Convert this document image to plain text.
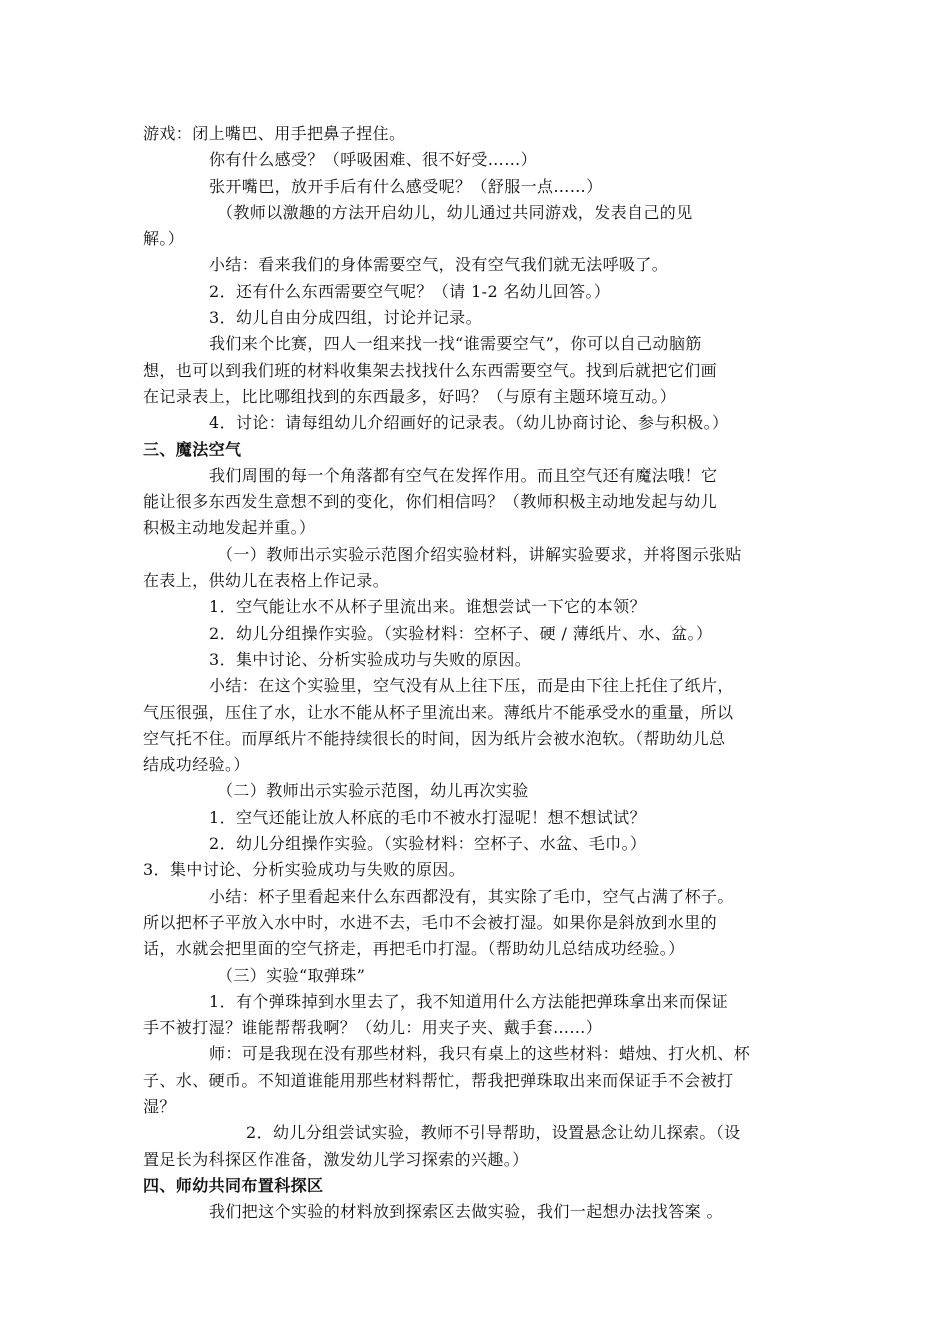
游戏：闭上嘴巴、用手把鼻子捏住。
你有什么感受？（呼吸困难、很不好受……）
张开嘴巴，放开手后有什么感受呢？（舒服一点……）
（教师以激趣的方法开启幼儿，幼儿通过共同游戏，发表自己的见
解。）
小结：看来我们的身体需要空气，没有空气我们就无法呼吸了。
2．还有什么东西需要空气呢？（请 1-2 名幼儿回答。）
3．幼儿自由分成四组，讨论并记录。
我们来个比赛，四人一组来找一找“谁需要空气”，你可以自己动脑筋
想，也可以到我们班的材料收集架去找找什么东西需要空气。找到后就把它们画
在记录表上，比比哪组找到的东西最多，好吗？（与原有主题环境互动。）
4．讨论：请每组幼儿介绍画好的记录表。（幼儿协商讨论、参与积极。）
三、魔法空气
我们周围的每一个角落都有空气在发挥作用。而且空气还有魔法哦！它
能让很多东西发生意想不到的变化，你们相信吗？（教师积极主动地发起与幼儿
积极主动地发起并重。）
（一）教师出示实验示范图介绍实验材料，讲解实验要求，并将图示张贴
在表上，供幼儿在表格上作记录。
1．空气能让水不从杯子里流出来。谁想尝试一下它的本领？
2．幼儿分组操作实验。（实验材料：空杯子、硬 / 薄纸片、水、盆。）
3．集中讨论、分析实验成功与失败的原因。
小结：在这个实验里，空气没有从上往下压，而是由下往上托住了纸片，
气压很强，压住了水，让水不能从杯子里流出来。薄纸片不能承受水的重量，所以
空气托不住。而厚纸片不能持续很长的时间，因为纸片会被水泡软。（帮助幼儿总
结成功经验。）
（二）教师出示实验示范图，幼儿再次实验
1．空气还能让放人杯底的毛巾不被水打湿呢！想不想试试？
2．幼儿分组操作实验。（实验材料：空杯子、水盆、毛巾。）
3．集中讨论、分析实验成功与失败的原因。
小结：杯子里看起来什么东西都没有，其实除了毛巾，空气占满了杯子。
所以把杯子平放入水中时，水进不去，毛巾不会被打湿。如果你是斜放到水里的
话，水就会把里面的空气挤走，再把毛巾打湿。（帮助幼儿总结成功经验。）
（三）实验“取弹珠”
1．有个弹珠掉到水里去了，我不知道用什么方法能把弹珠拿出来而保证
手不被打湿？谁能帮帮我啊？（幼儿：用夹子夹、戴手套……）
师：可是我现在没有那些材料，我只有桌上的这些材料：蜡烛、打火机、杯
子、水、硬币。不知道谁能用那些材料帮忙，帮我把弹珠取出来而保证手不会被打
湿？
2．幼儿分组尝试实验，教师不引导帮助，设置悬念让幼儿探索。（设
置足长为科探区作准备，激发幼儿学习探索的兴趣。）
四、师幼共同布置科探区
我们把这个实验的材料放到探索区去做实验，我们一起想办法找答案 。
